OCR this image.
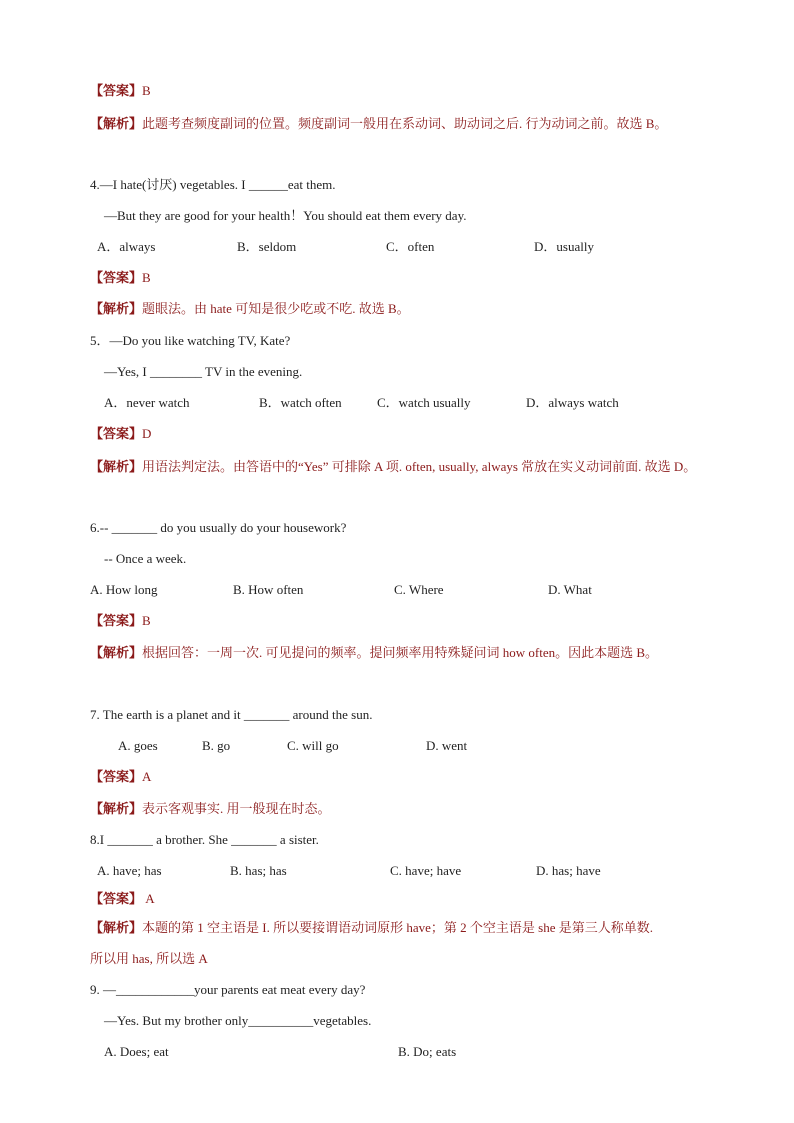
【答案】B
【解析】此题考查频度副词的位置。频度副词一般用在系动词、助动词之后. 行为动词之前。故选 B。
4.—I hate(讨厌) vegetables. I ______eat them.
—But they are good for your health！You should eat them every day.
A．always	B．seldom	C．often	D．usually
【答案】B
【解析】题眼法。由 hate 可知是很少吃或不吃. 故选 B。
5．—Do you like watching TV, Kate?
—Yes, I ________ TV in the evening.
A．never watch	B．watch often	C．watch usually	D．always watch
【答案】D
【解析】用语法判定法。由答语中的“Yes” 可排除 A 项. often, usually, always 常放在实义动词前面. 故选 D。
6.-- _______ do you usually do your housework?
-- Once a week.
A. How long	B. How often	C. Where	D. What
【答案】B
【解析】根据回答：一周一次. 可见提问的频率。提问频率用特殊疑问词 how often。因此本题选 B。
7. The earth is a planet and it _______ around the sun.
A. goes	B. go	C. will go	D. went
【答案】A
【解析】表示客观事实. 用一般现在时态。
8.I _______ a brother. She _______ a sister.
A. have; has	B. has; has	C. have; have	D. has; have
【答案】 A
【解析】本题的第 1 空主语是 I. 所以要接谓语动词原形 have；第 2 个空主语是 she 是第三人称单数.
所以用 has, 所以选 A
9. —____________your parents eat meat every day?
—Yes. But my brother only__________vegetables.
A. Does; eat	B. Do; eats
